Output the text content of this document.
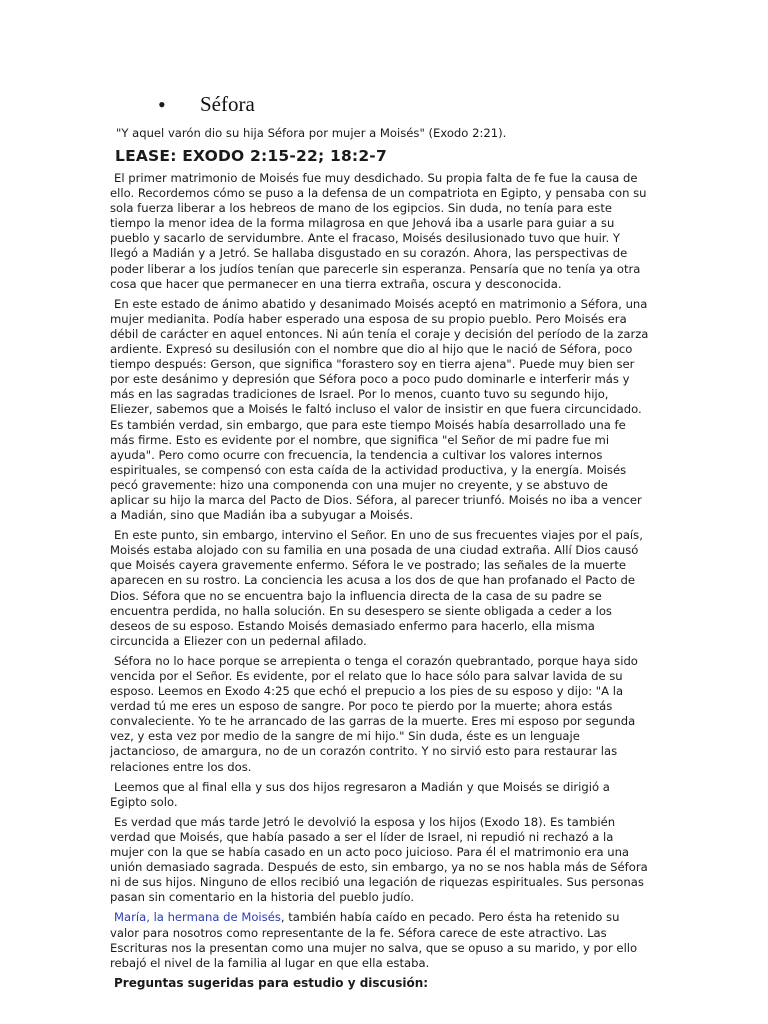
•	Séfora
"Y aquel varón dio su hija Séfora por mujer a Moisés" (Exodo 2:21).
LEASE: EXODO 2:15-22; 18:2-7

El primer matrimonio de Moisés fue muy desdichado. Su propia falta de fe fue la causa de ello. Recordemos cómo se puso a la defensa de un compatriota en Egipto, y pensaba con su sola fuerza liberar a los hebreos de mano de los egipcios. Sin duda, no tenía para este tiempo la menor idea de la forma milagrosa en que Jehová iba a usarle para guiar a su pueblo y sacarlo de servidumbre. Ante el fracaso, Moisés desilusionado tuvo que huir. Y llegó a Madián y a Jetró. Se hallaba disgustado en su corazón. Ahora, las perspectivas de poder liberar a los judíos tenían que parecerle sin esperanza. Pensaría que no tenía ya otra cosa que hacer que permanecer en una tierra extraña, oscura y desconocida.

En este estado de ánimo abatido y desanimado Moisés aceptó en matrimonio a Séfora, una mujer medianita. Podía haber esperado una esposa de su propio pueblo. Pero Moisés era débil de carácter en aquel entonces. Ni aún tenía el coraje y decisión del período de la zarza ardiente. Expresó su desilusión con el nombre que dio al hijo que le nació de Séfora, poco tiempo después: Gerson, que significa "forastero soy en tierra ajena". Puede muy bien ser por este desánimo y depresión que Séfora poco a poco pudo dominarle e interferir más y más en las sagradas tradiciones de Israel. Por lo menos, cuanto tuvo su segundo hijo, Eliezer, sabemos que a Moisés le faltó incluso el valor de insistir en que fuera circuncidado. Es también verdad, sin embargo, que para este tiempo Moisés había desarrollado una fe más firme. Esto es evidente por el nombre, que significa "el Señor de mi padre fue mi ayuda". Pero como ocurre con frecuencia, la tendencia a cultivar los valores internos espirituales, se compensó con esta caída de la actividad productiva, y la energía. Moisés pecó gravemente: hizo una componenda con una mujer no creyente, y se abstuvo de aplicar su hijo la marca del Pacto de Dios. Séfora, al parecer triunfó. Moisés no iba a vencer a Madián, sino que Madián iba a subyugar a Moisés.

En este punto, sin embargo, intervino el Señor. En uno de sus frecuentes viajes por el país, Moisés estaba alojado con su familia en una posada de una ciudad extraña. Allí Dios causó que Moisés cayera gravemente enfermo. Séfora le ve postrado; las señales de la muerte aparecen en su rostro. La conciencia les acusa a los dos de que han profanado el Pacto de Dios. Séfora que no se encuentra bajo la influencia directa de la casa de su padre se encuentra perdida, no halla solución. En su desespero se siente obligada a ceder a los deseos de su esposo. Estando Moisés demasiado enfermo para hacerlo, ella misma circuncida a Eliezer con un pedernal afilado.

Séfora no lo hace porque se arrepienta o tenga el corazón quebrantado, porque haya sido vencida por el Señor. Es evidente, por el relato que lo hace sólo para salvar lavida de su esposo. Leemos en Exodo 4:25 que echó el prepucio a los pies de su esposo y dijo: "A la verdad tú me eres un esposo de sangre. Por poco te pierdo por la muerte; ahora estás convaleciente. Yo te he arrancado de las garras de la muerte. Eres mi esposo por segunda vez, y esta vez por medio de la sangre de mi hijo." Sin duda, éste es un lenguaje jactancioso, de amargura, no de un corazón contrito. Y no sirvió esto para restaurar las relaciones entre los dos.

Leemos que al final ella y sus dos hijos regresaron a Madián y que Moisés se dirigió a Egipto solo.

Es verdad que más tarde Jetró le devolvió la esposa y los hijos (Exodo 18). Es también verdad que Moisés, que había pasado a ser el líder de Israel, ni repudió ni rechazó a la mujer con la que se había casado en un acto poco juicioso. Para él el matrimonio era una unión demasiado sagrada. Después de esto, sin embargo, ya no se nos habla más de Séfora ni de sus hijos. Ninguno de ellos recibió una legación de riquezas espirituales. Sus personas pasan sin comentario en la historia del pueblo judío.

María, la hermana de Moisés, también había caído en pecado. Pero ésta ha retenido su valor para nosotros como representante de la fe. Séfora carece de este atractivo. Las Escrituras nos la presentan como una mujer no salva, que se opuso a su marido, y por ello rebajó el nivel de la familia al lugar en que ella estaba.

Preguntas sugeridas para estudio y discusión:
